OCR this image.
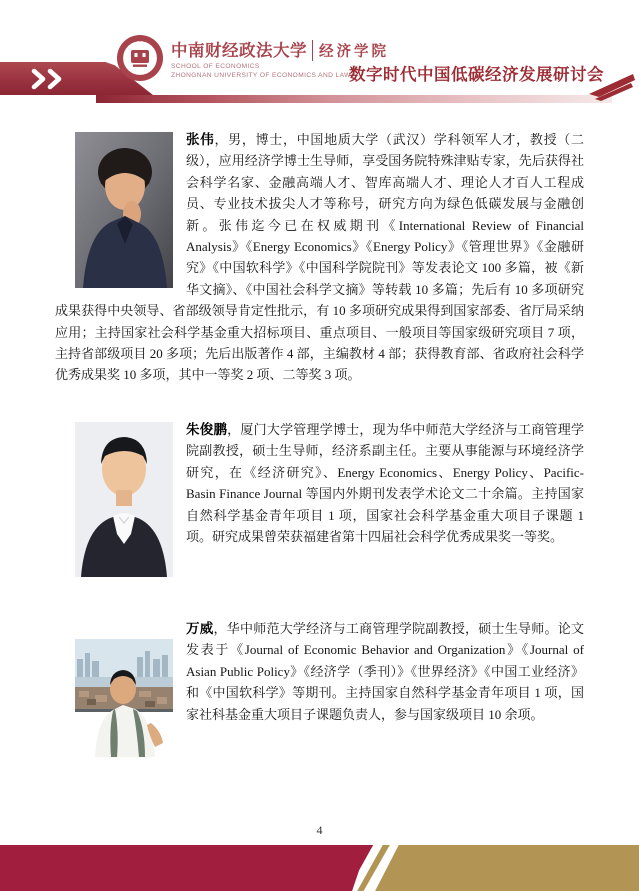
中南财经政法大学 经济学院
SCHOOL OF ECONOMICS
ZHONGNAN UNIVERSITY OF ECONOMICS AND LAW
数字时代中国低碳经济发展研讨会

张伟，男，博士，中国地质大学（武汉）学科领军人才，教授（二级），应用经济学博士生导师，享受国务院特殊津贴专家，先后获得社会科学名家、金融高端人才、智库高端人才、理论人才百人工程成员、专业技术拔尖人才等称号，研究方向为绿色低碳发展与金融创新。张伟迄今已在权威期刊《International Review of Financial Analysis》《Energy Economics》《Energy Policy》《管理世界》《金融研究》《中国软科学》《中国科学院院刊》等发表论文 100 多篇，被《新华文摘》、《中国社会科学文摘》等转载 10 多篇；先后有 10 多项研究成果获得中央领导、省部级领导肯定性批示，有 10 多项研究成果得到国家部委、省厅局采纳应用；主持国家社会科学基金重大招标项目、重点项目、一般项目等国家级研究项目 7 项，主持省部级项目 20 多项；先后出版著作 4 部，主编教材 4 部；获得教育部、省政府社会科学优秀成果奖 10 多项，其中一等奖 2 项、二等奖 3 项。

朱俊鹏，厦门大学管理学博士，现为华中师范大学经济与工商管理学院副教授，硕士生导师，经济系副主任。主要从事能源与环境经济学研究，在《经济研究》、Energy Economics、Energy Policy、Pacific-Basin Finance Journal 等国内外期刊发表学术论文二十余篇。主持国家自然科学基金青年项目 1 项，国家社会科学基金重大项目子课题 1 项。研究成果曾荣获福建省第十四届社会科学优秀成果奖一等奖。

万威，华中师范大学经济与工商管理学院副教授，硕士生导师。论文发表于《Journal of Economic Behavior and Organization》《Journal of Asian Public Policy》《经济学（季刊）》《世界经济》《中国工业经济》和《中国软科学》等期刊。主持国家自然科学基金青年项目 1 项，国家社科基金重大项目子课题负责人，参与国家级项目 10 余项。

4
